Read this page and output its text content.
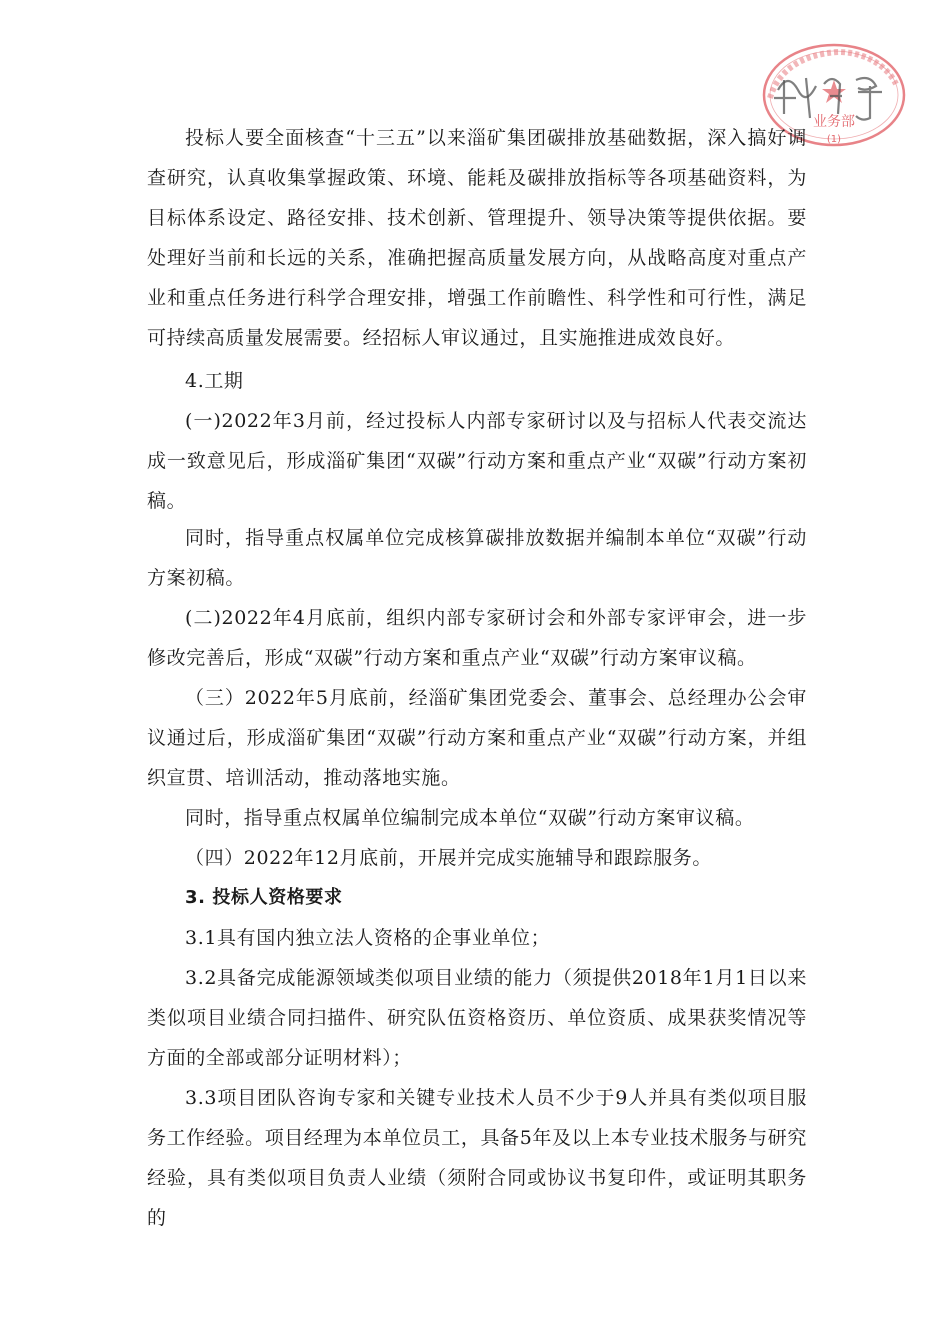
业务部
(1)

投标人要全面核查“十三五”以来淄矿集团碳排放基础数据，深入搞好调查研究，认真收集掌握政策、环境、能耗及碳排放指标等各项基础资料，为目标体系设定、路径安排、技术创新、管理提升、领导决策等提供依据。要处理好当前和长远的关系，准确把握高质量发展方向，从战略高度对重点产业和重点任务进行科学合理安排，增强工作前瞻性、科学性和可行性，满足可持续高质量发展需要。经招标人审议通过，且实施推进成效良好。

4.工期

(一)2022年3月前，经过投标人内部专家研讨以及与招标人代表交流达成一致意见后，形成淄矿集团“双碳”行动方案和重点产业“双碳”行动方案初稿。

同时，指导重点权属单位完成核算碳排放数据并编制本单位“双碳”行动方案初稿。

(二)2022年4月底前，组织内部专家研讨会和外部专家评审会，进一步修改完善后，形成“双碳”行动方案和重点产业“双碳”行动方案审议稿。

（三）2022年5月底前，经淄矿集团党委会、董事会、总经理办公会审议通过后，形成淄矿集团“双碳”行动方案和重点产业“双碳”行动方案，并组织宣贯、培训活动，推动落地实施。

同时，指导重点权属单位编制完成本单位“双碳”行动方案审议稿。

（四）2022年12月底前，开展并完成实施辅导和跟踪服务。

3. 投标人资格要求

3.1具有国内独立法人资格的企事业单位；

3.2具备完成能源领域类似项目业绩的能力（须提供2018年1月1日以来类似项目业绩合同扫描件、研究队伍资格资历、单位资质、成果获奖情况等方面的全部或部分证明材料）；

3.3项目团队咨询专家和关键专业技术人员不少于9人并具有类似项目服务工作经验。项目经理为本单位员工，具备5年及以上本专业技术服务与研究经验，具有类似项目负责人业绩（须附合同或协议书复印件，或证明其职务的
